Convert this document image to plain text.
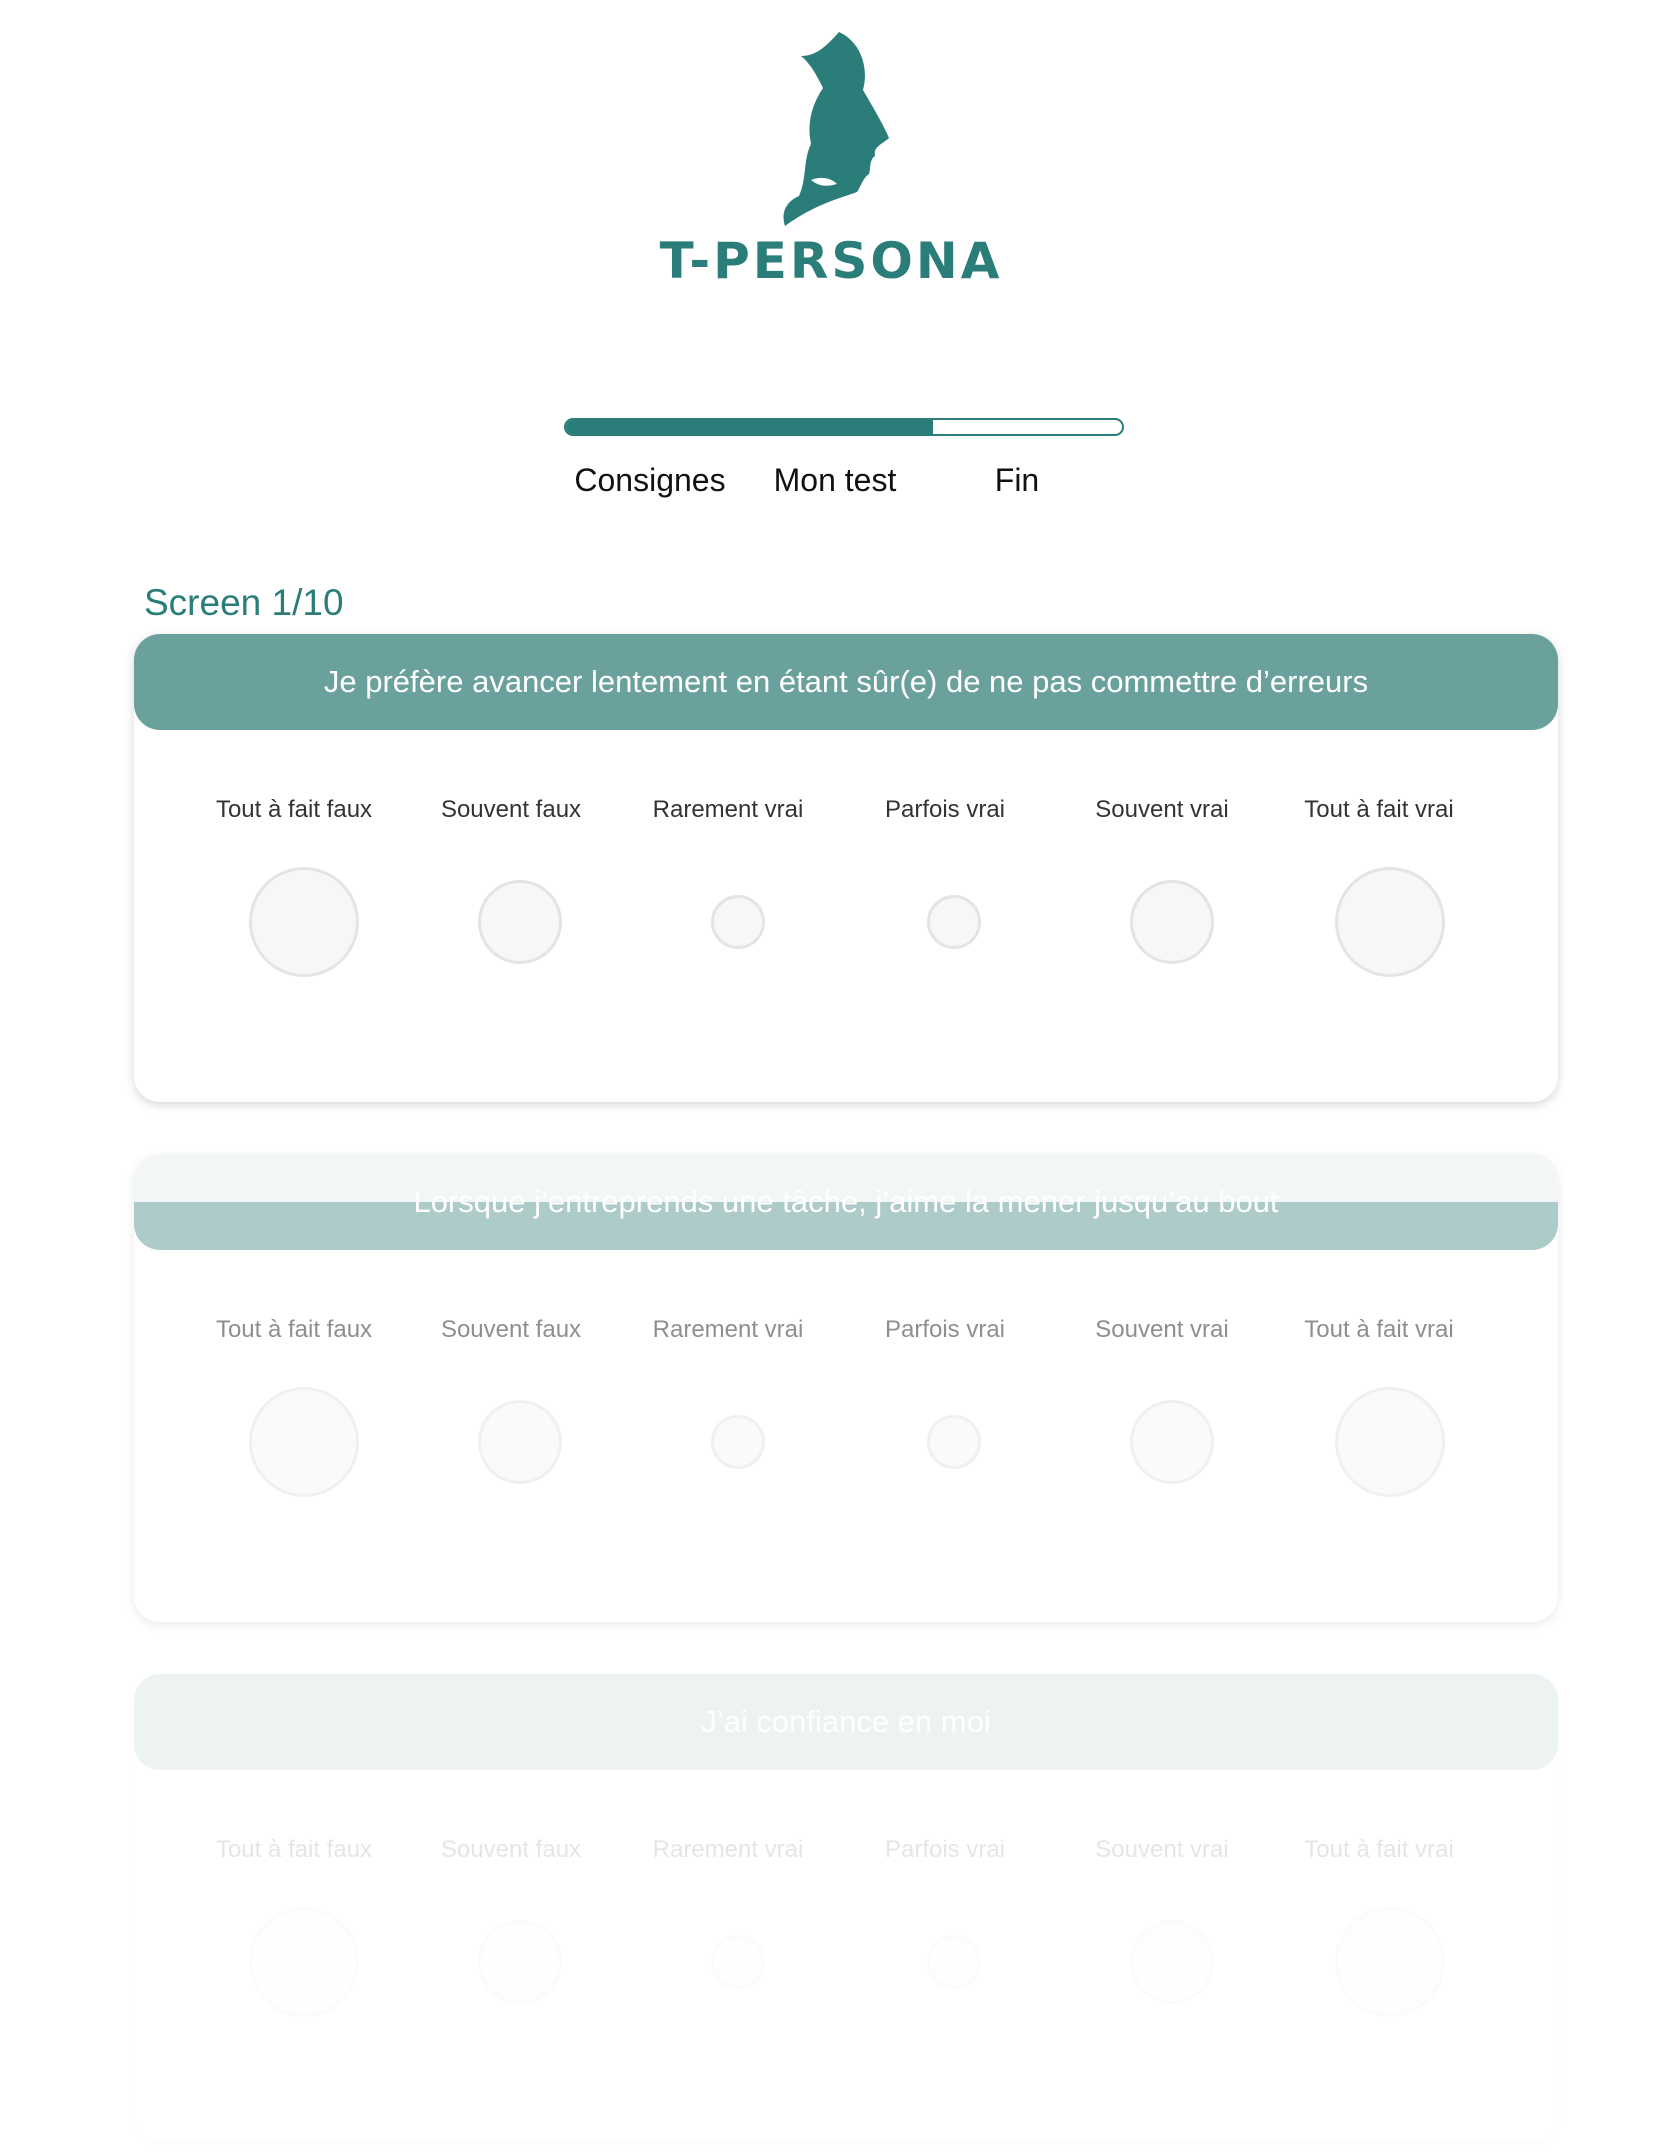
T-PERSONA
Consignes Mon test	Fin
Screen 1/10
Je préfère avancer lentement en étant sûr(e) de ne pas commettre d’erreurs
Tout à fait faux	Souvent faux	Rarement vrai	Parfois vrai	Souvent vrai	Tout à fait vrai
Lorsque j’entreprends une tâche, j’aime la mener jusqu’au bout
Tout à fait faux	Souvent faux	Rarement vrai	Parfois vrai	Souvent vrai	Tout à fait vrai
J’ai confiance en moi
Tout à fait faux	Souvent faux	Rarement vrai	Parfois vrai	Souvent vrai	Tout à fait vrai
